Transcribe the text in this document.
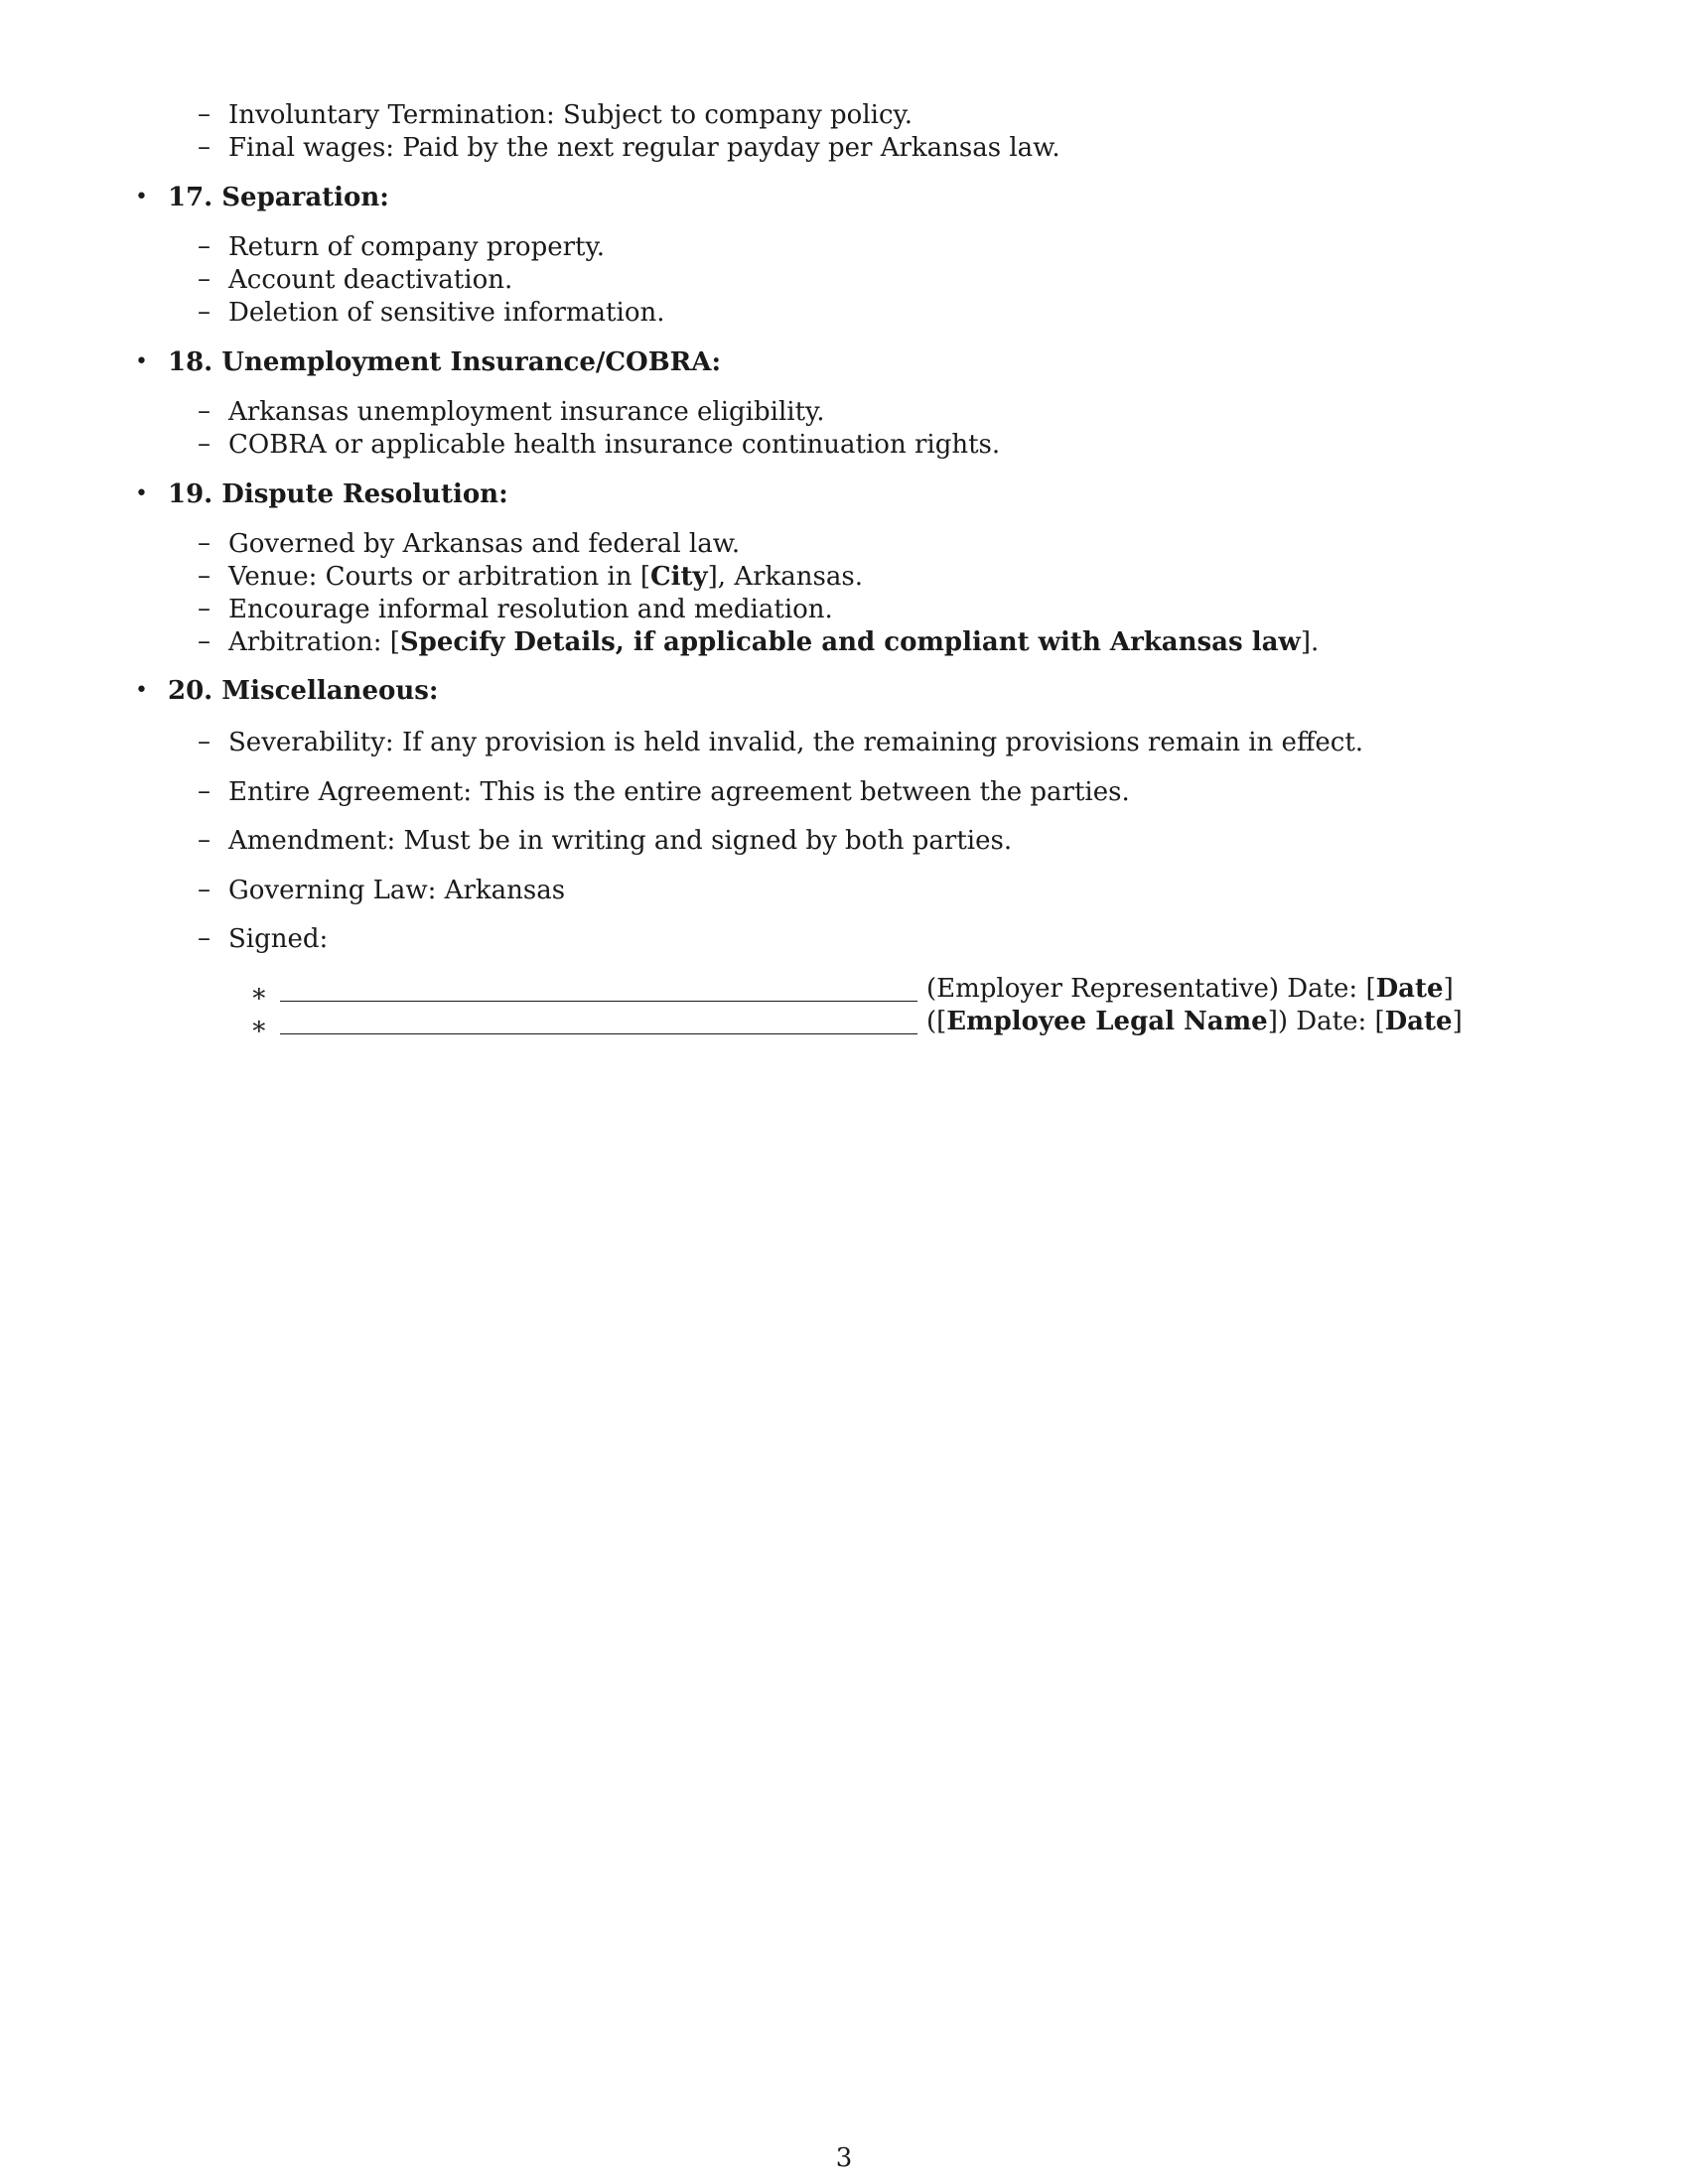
– Involuntary Termination: Subject to company policy.
– Final wages: Paid by the next regular payday per Arkansas law.
• 17. Separation:
– Return of company property.
– Account deactivation.
– Deletion of sensitive information.
• 18. Unemployment Insurance/COBRA:
– Arkansas unemployment insurance eligibility.
– COBRA or applicable health insurance continuation rights.
• 19. Dispute Resolution:
– Governed by Arkansas and federal law.
– Venue: Courts or arbitration in [City], Arkansas.
– Encourage informal resolution and mediation.
– Arbitration: [Specify Details, if applicable and compliant with Arkansas law].
• 20. Miscellaneous:
– Severability: If any provision is held invalid, the remaining provisions remain in effect.
– Entire Agreement: This is the entire agreement between the parties.
– Amendment: Must be in writing and signed by both parties.
– Governing Law: Arkansas
– Signed:
∗	(Employer Representative) Date: [Date]
∗	([Employee Legal Name]) Date: [Date]
3
